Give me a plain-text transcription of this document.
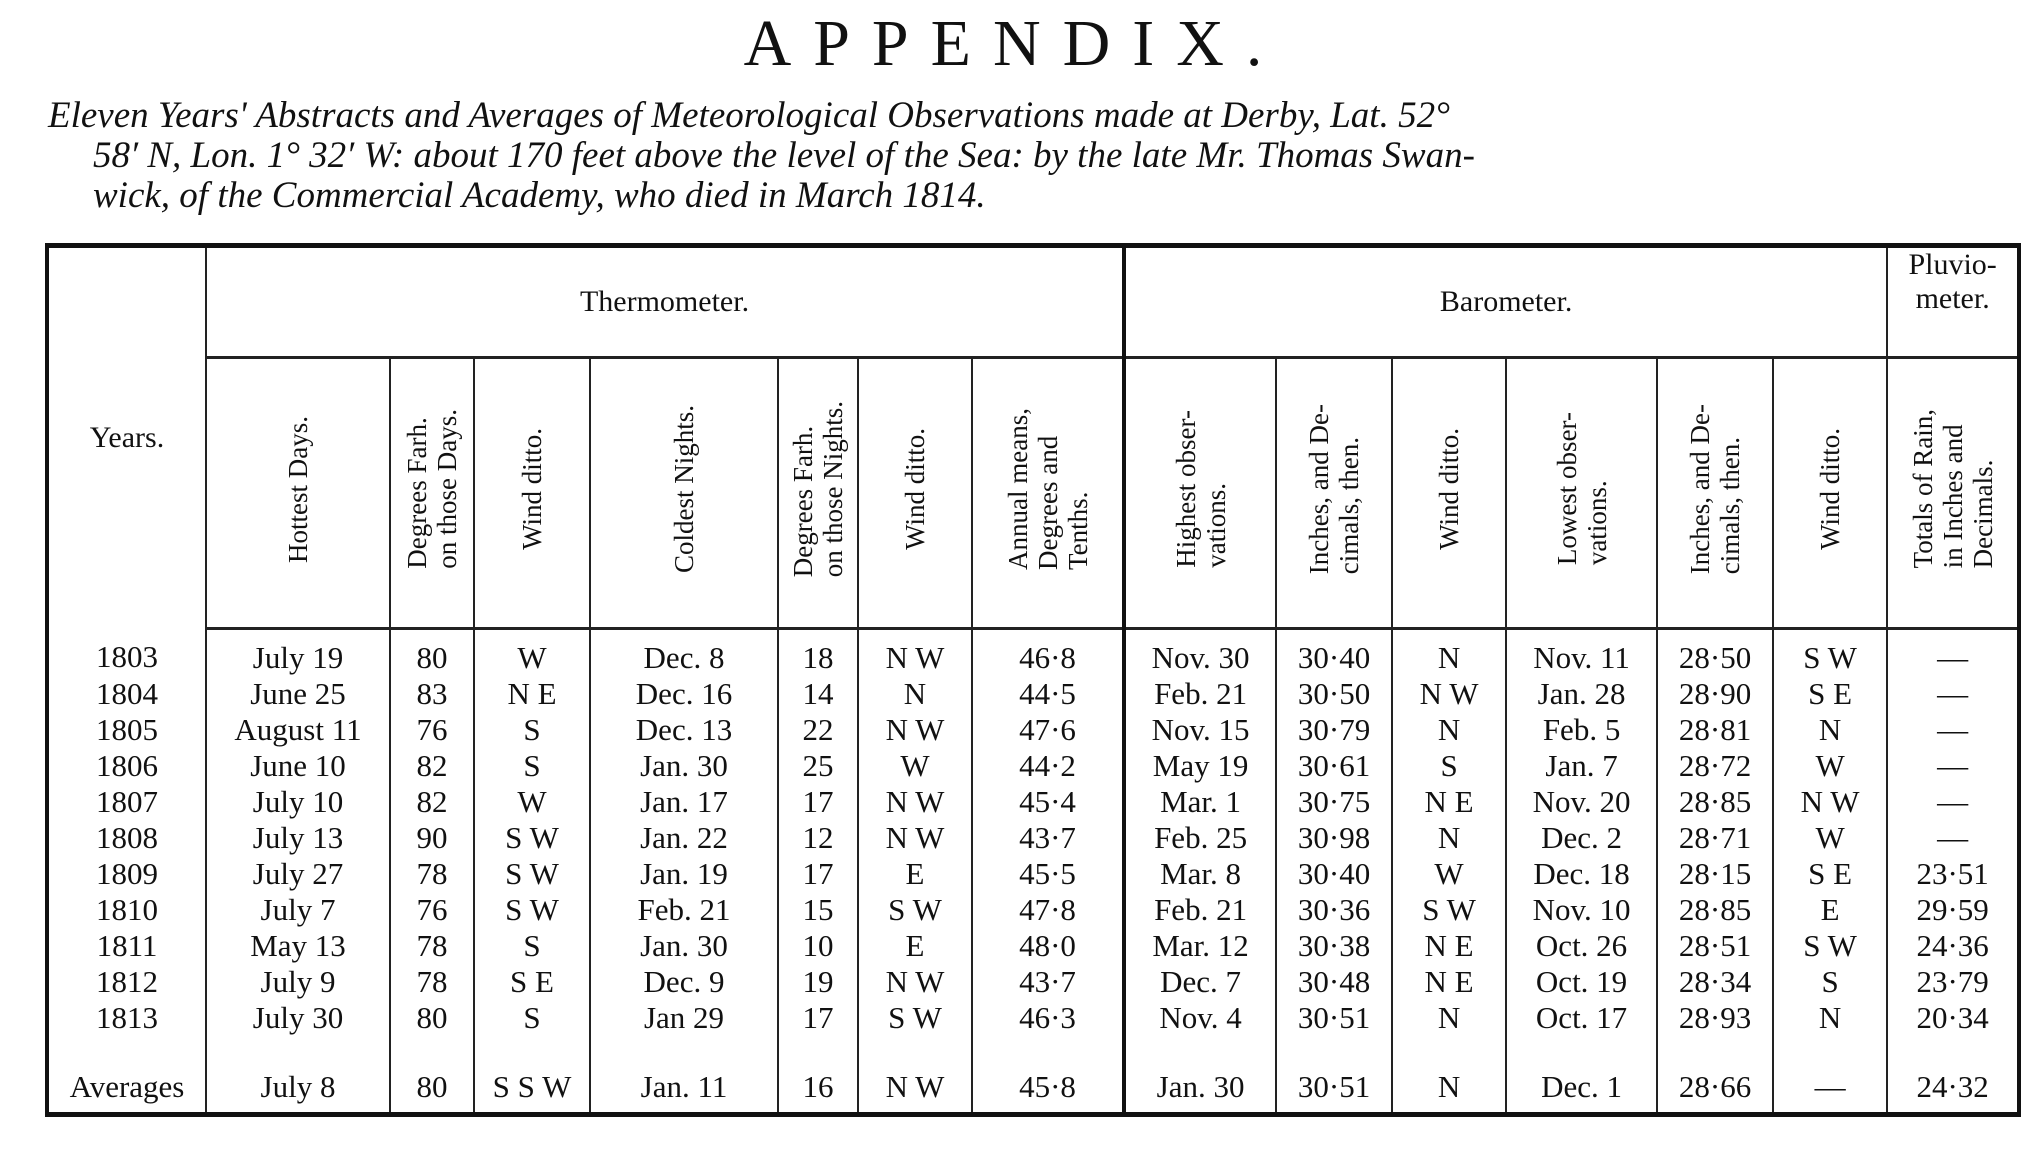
APPENDIX.
Eleven Years' Abstracts and Averages of Meteorological Observations made at Derby, Lat. 52°
58′ N, Lon. 1° 32′ W: about 170 feet above the level of the Sea: by the late Mr. Thomas Swan-
wick, of the Commercial Academy, who died in March 1814.
Years.	Thermometer.							Barometer.						Pluvio-
meter.
	Hottest Days.	Degrees Farh.
on those Days.	Wind ditto.	Coldest Nights.	Degrees Farh.
on those Nights.	Wind ditto.	Annual means,
Degrees and
Tenths.	Highest obser-
vations.	Inches, and De-
cimals, then.	Wind ditto.	Lowest obser-
vations.	Inches, and De-
cimals, then.	Wind ditto.	Totals of Rain,
in Inches and
Decimals.
1803	July 19	80	W	Dec. 8	18	N W	46·8	Nov. 30	30·40	N	Nov. 11	28·50	S W	—
1804	June 25	83	N E	Dec. 16	14	N	44·5	Feb. 21	30·50	N W	Jan. 28	28·90	S E	—
1805	August 11	76	S	Dec. 13	22	N W	47·6	Nov. 15	30·79	N	Feb. 5	28·81	N	—
1806	June 10	82	S	Jan. 30	25	W	44·2	May 19	30·61	S	Jan. 7	28·72	W	—
1807	July 10	82	W	Jan. 17	17	N W	45·4	Mar. 1	30·75	N E	Nov. 20	28·85	N W	—
1808	July 13	90	S W	Jan. 22	12	N W	43·7	Feb. 25	30·98	N	Dec. 2	28·71	W	—
1809	July 27	78	S W	Jan. 19	17	E	45·5	Mar. 8	30·40	W	Dec. 18	28·15	S E	23·51
1810	July 7	76	S W	Feb. 21	15	S W	47·8	Feb. 21	30·36	S W	Nov. 10	28·85	E	29·59
1811	May 13	78	S	Jan. 30	10	E	48·0	Mar. 12	30·38	N E	Oct. 26	28·51	S W	24·36
1812	July 9	78	S E	Dec. 9	19	N W	43·7	Dec. 7	30·48	N E	Oct. 19	28·34	S	23·79
1813	July 30	80	S	Jan 29	17	S W	46·3	Nov. 4	30·51	N	Oct. 17	28·93	N	20·34

Averages	July 8	80	S S W	Jan. 11	16	N W	45·8	Jan. 30	30·51	N	Dec. 1	28·66	—	24·32
